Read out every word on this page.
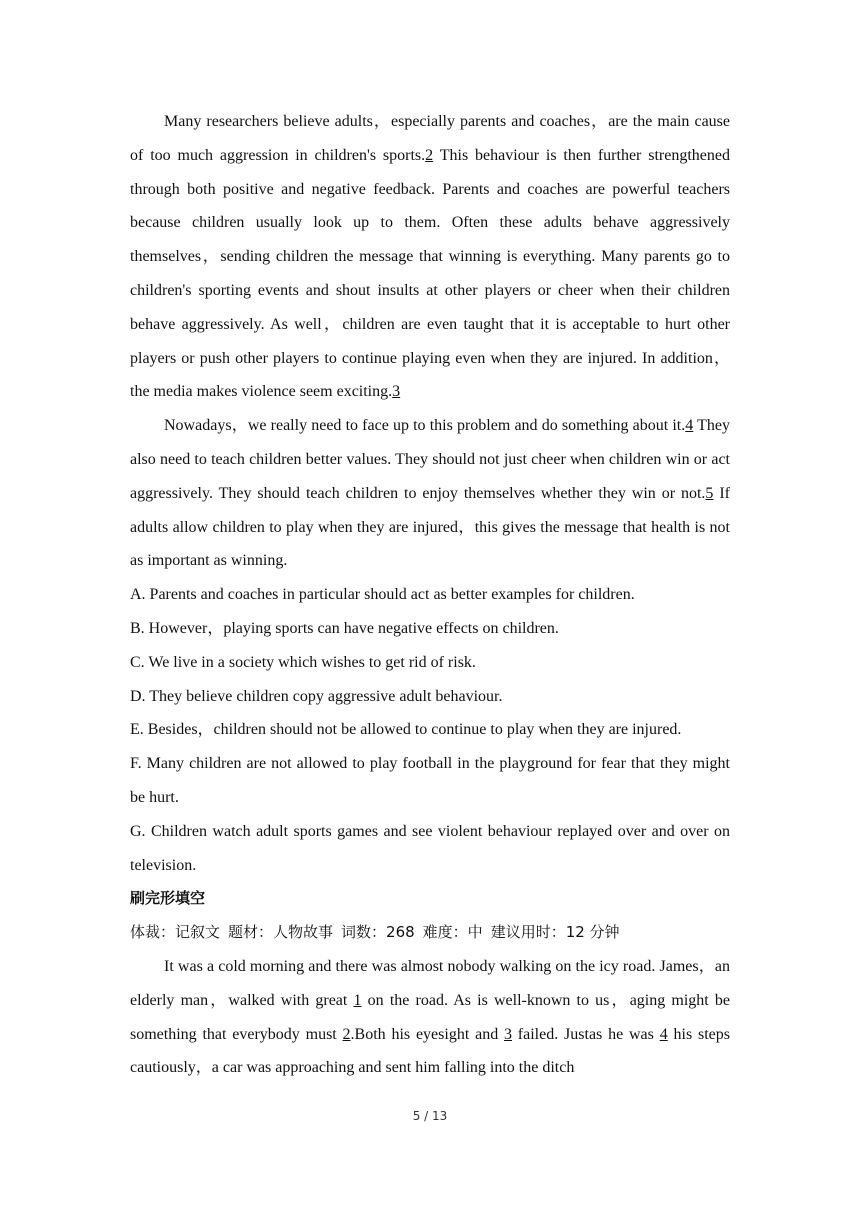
Many researchers believe adults，especially parents and coaches，are the main cause of too much aggression in children's sports.2 This behaviour is then further strengthened through both positive and negative feedback. Parents and coaches are powerful teachers because children usually look up to them. Often these adults behave aggressively themselves，sending children the message that winning is everything. Many parents go to children's sporting events and shout insults at other players or cheer when their children behave aggressively. As well，children are even taught that it is acceptable to hurt other players or push other players to continue playing even when they are injured. In addition，the media makes violence seem exciting.3

Nowadays，we really need to face up to this problem and do something about it.4 They also need to teach children better values. They should not just cheer when children win or act aggressively. They should teach children to enjoy themselves whether they win or not.5 If adults allow children to play when they are injured，this gives the message that health is not as important as winning.

A. Parents and coaches in particular should act as better examples for children.

B. However，playing sports can have negative effects on children.

C. We live in a society which wishes to get rid of risk.

D. They believe children copy aggressive adult behaviour.

E. Besides，children should not be allowed to continue to play when they are injured.

F. Many children are not allowed to play football in the playground for fear that they might be hurt.

G. Children watch adult sports games and see violent behaviour replayed over and over on television.

刷完形填空

体裁：记叙文 题材：人物故事 词数：268 难度：中 建议用时：12 分钟

It was a cold morning and there was almost nobody walking on the icy road. James，an elderly man，walked with great 1 on the road. As is well-known to us，aging might be something that everybody must 2.Both his eyesight and 3 failed. Justas he was 4 his steps cautiously，a car was approaching and sent him falling into the ditch

5 / 13
